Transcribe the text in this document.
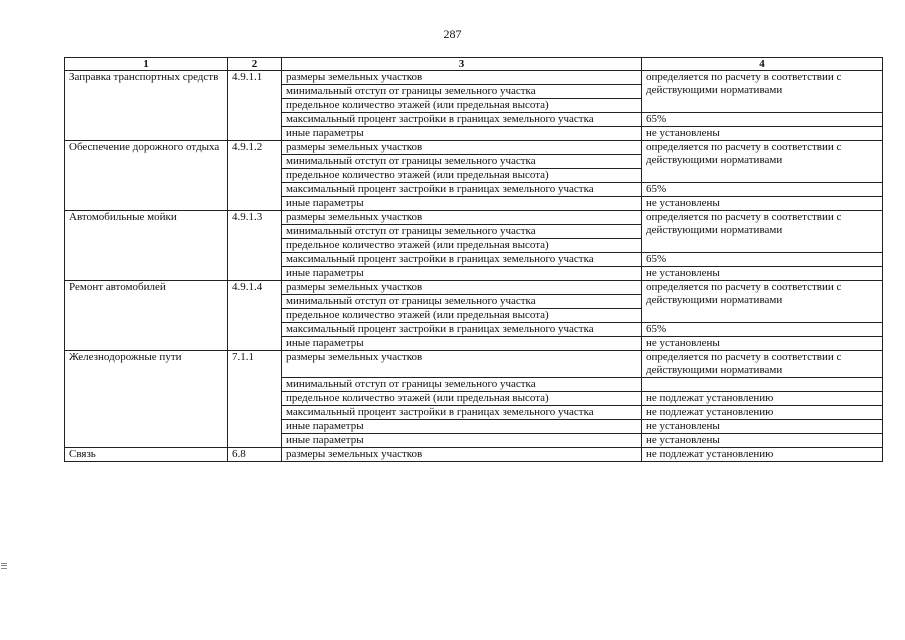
287
1	2	3	4
Заправка транспортных средств	4.9.1.1	размеры земельных участков	определяется по расчету в соответствии с действующими нормативами
		минимальный отступ от границы земельного участка	
		предельное количество этажей (или предельная высота)	
		максимальный процент застройки в границах земельного участка	65%
		иные параметры	не установлены
Обеспечение дорожного отдыха	4.9.1.2	размеры земельных участков	определяется по расчету в соответствии с действующими нормативами
		минимальный отступ от границы земельного участка	
		предельное количество этажей (или предельная высота)	
		максимальный процент застройки в границах земельного участка	65%
		иные параметры	не установлены
Автомобильные мойки	4.9.1.3	размеры земельных участков	определяется по расчету в соответствии с действующими нормативами
		минимальный отступ от границы земельного участка	
		предельное количество этажей (или предельная высота)	
		максимальный процент застройки в границах земельного участка	65%
		иные параметры	не установлены
Ремонт автомобилей	4.9.1.4	размеры земельных участков	определяется по расчету в соответствии с действующими нормативами
		минимальный отступ от границы земельного участка	
		предельное количество этажей (или предельная высота)	
		максимальный процент застройки в границах земельного участка	65%
		иные параметры	не установлены
Железнодорожные пути	7.1.1	размеры земельных участков	определяется по расчету в соответствии с действующими нормативами
		минимальный отступ от границы земельного участка	
		предельное количество этажей (или предельная высота)	не подлежат установлению
		максимальный процент застройки в границах земельного участка	не подлежат установлению
		иные параметры	не установлены
		иные параметры	не установлены
Связь	6.8	размеры земельных участков	не подлежат установлению
